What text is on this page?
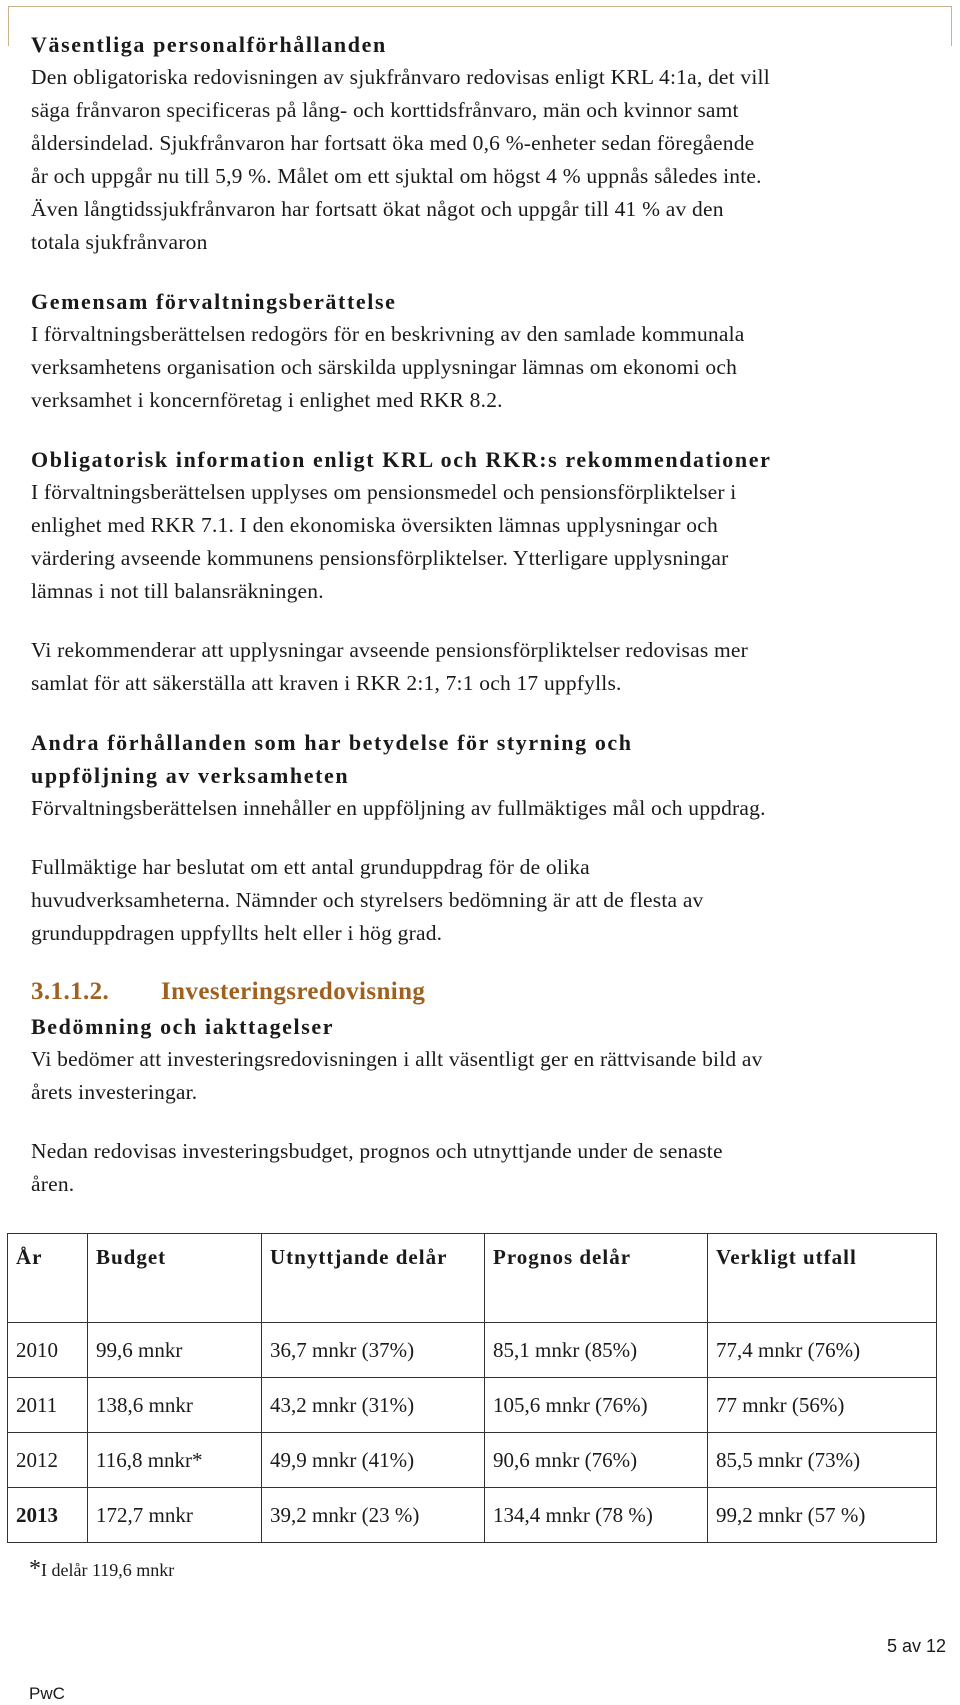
Väsentliga personalförhållanden

Den obligatoriska redovisningen av sjukfrånvaro redovisas enligt KRL 4:1a, det vill
säga frånvaron specificeras på lång- och korttidsfrånvaro, män och kvinnor samt
åldersindelad. Sjukfrånvaron har fortsatt öka med 0,6 %-enheter sedan föregående
år och uppgår nu till 5,9 %. Målet om ett sjuktal om högst 4 % uppnås således inte.
Även långtidssjukfrånvaron har fortsatt ökat något och uppgår till 41 % av den
totala sjukfrånvaron

Gemensam förvaltningsberättelse

I förvaltningsberättelsen redogörs för en beskrivning av den samlade kommunala
verksamhetens organisation och särskilda upplysningar lämnas om ekonomi och
verksamhet i koncernföretag i enlighet med RKR 8.2.

Obligatorisk information enligt KRL och RKR:s rekommendationer

I förvaltningsberättelsen upplyses om pensionsmedel och pensionsförpliktelser i
enlighet med RKR 7.1. I den ekonomiska översikten lämnas upplysningar och
värdering avseende kommunens pensionsförpliktelser. Ytterligare upplysningar
lämnas i not till balansräkningen.

Vi rekommenderar att upplysningar avseende pensionsförpliktelser redovisas mer
samlat för att säkerställa att kraven i RKR 2:1, 7:1 och 17 uppfylls.

Andra förhållanden som har betydelse för styrning och
uppföljning av verksamheten

Förvaltningsberättelsen innehåller en uppföljning av fullmäktiges mål och uppdrag.

Fullmäktige har beslutat om ett antal grunduppdrag för de olika
huvudverksamheterna. Nämnder och styrelsers bedömning är att de flesta av
grunduppdragen uppfyllts helt eller i hög grad.

3.1.1.2. Investeringsredovisning
Bedömning och iakttagelser

Vi bedömer att investeringsredovisningen i allt väsentligt ger en rättvisande bild av
årets investeringar.

Nedan redovisas investeringsbudget, prognos och utnyttjande under de senaste
åren.

År	Budget	Utnyttjande delår	Prognos delår	Verkligt utfall
2010	99,6 mnkr	36,7 mnkr (37%)	85,1 mnkr (85%)	77,4 mnkr (76%)
2011	138,6 mnkr	43,2 mnkr (31%)	105,6 mnkr (76%)	77 mnkr (56%)
2012	116,8 mnkr*	49,9 mnkr (41%)	90,6 mnkr (76%)	85,5 mnkr (73%)
2013	172,7 mnkr	39,2 mnkr (23 %)	134,4 mnkr (78 %)	99,2 mnkr (57 %)
*I delår 119,6 mnkr
5 av 12
PwC
